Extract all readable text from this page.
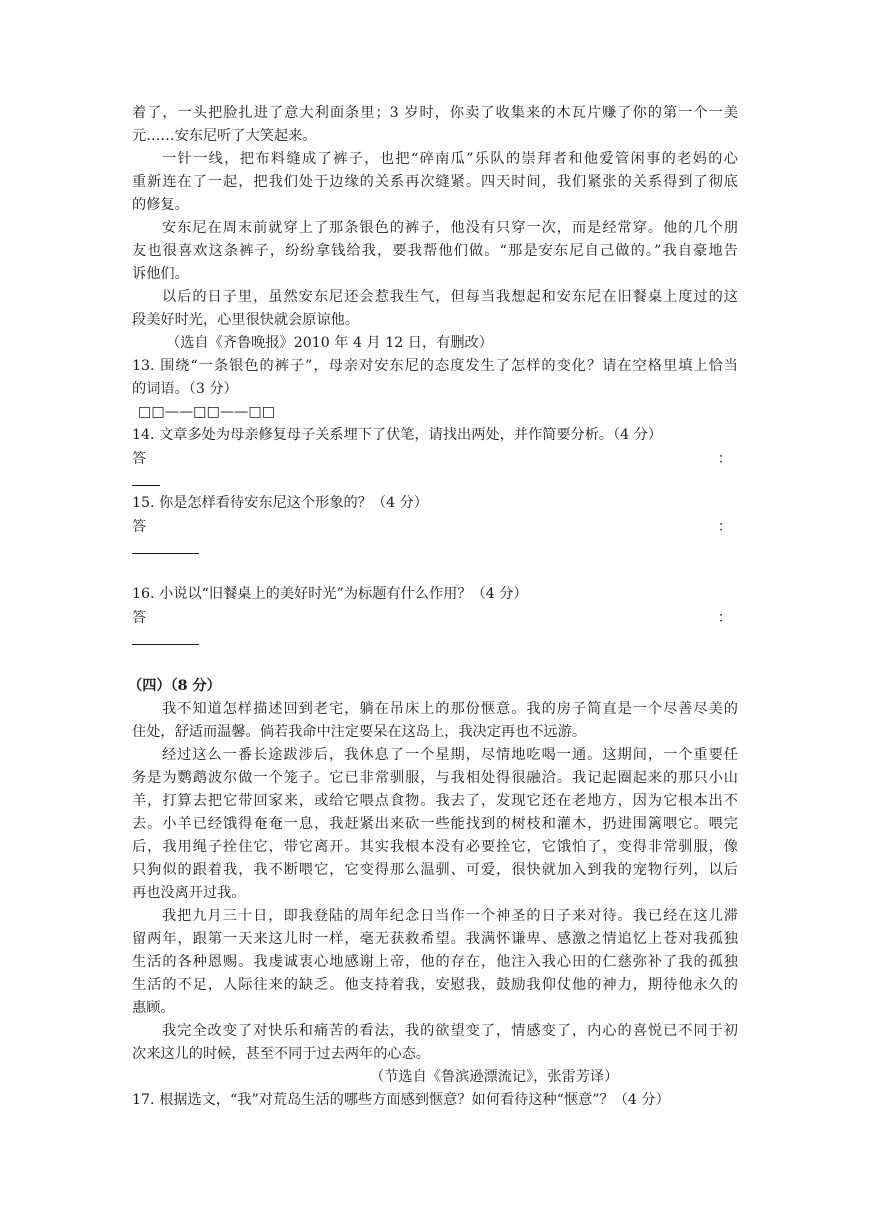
着了，一头把脸扎进了意大利面条里；3 岁时，你卖了收集来的木瓦片赚了你的第一个一美
元……安东尼听了大笑起来。
一针一线，把布料缝成了裤子，也把“碎南瓜”乐队的崇拜者和他爱管闲事的老妈的心
重新连在了一起，把我们处于边缘的关系再次缝紧。四天时间，我们紧张的关系得到了彻底
的修复。
安东尼在周末前就穿上了那条银色的裤子，他没有只穿一次，而是经常穿。他的几个朋
友也很喜欢这条裤子，纷纷拿钱给我，要我帮他们做。“那是安东尼自己做的。”我自豪地告
诉他们。
以后的日子里，虽然安东尼还会惹我生气，但每当我想起和安东尼在旧餐桌上度过的这
段美好时光，心里很快就会原谅他。
（选自《齐鲁晚报》2010 年 4 月 12 日，有删改）
13. 围绕“一条银色的裤子”，母亲对安东尼的态度发生了怎样的变化？请在空格里填上恰当
的词语。（3 分）
□□——□□——□□
14. 文章多处为母亲修复母子关系埋下了伏笔，请找出两处，并作简要分析。（4 分）
答	：
15. 你是怎样看待安东尼这个形象的？（4 分）
答	：
16. 小说以“旧餐桌上的美好时光”为标题有什么作用？（4 分）
答	：
（四）（8 分）
我不知道怎样描述回到老宅，躺在吊床上的那份惬意。我的房子简直是一个尽善尽美的
住处，舒适而温馨。倘若我命中注定要呆在这岛上，我决定再也不远游。
经过这么一番长途跋涉后，我休息了一个星期，尽情地吃喝一通。这期间，一个重要任
务是为鹦鹉波尔做一个笼子。它已非常驯服，与我相处得很融洽。我记起圈起来的那只小山
羊，打算去把它带回家来，或给它喂点食物。我去了，发现它还在老地方，因为它根本出不
去。小羊已经饿得奄奄一息，我赶紧出来砍一些能找到的树枝和灌木，扔进围篱喂它。喂完
后，我用绳子拴住它，带它离开。其实我根本没有必要拴它，它饿怕了，变得非常驯服，像
只狗似的跟着我，我不断喂它，它变得那么温驯、可爱，很快就加入到我的宠物行列，以后
再也没离开过我。
我把九月三十日，即我登陆的周年纪念日当作一个神圣的日子来对待。我已经在这儿滞
留两年，跟第一天来这儿时一样，毫无获救希望。我满怀谦卑、感激之情追忆上苍对我孤独
生活的各种恩赐。我虔诚衷心地感谢上帝，他的存在，他注入我心田的仁慈弥补了我的孤独
生活的不足，人际往来的缺乏。他支持着我，安慰我，鼓励我仰仗他的神力，期待他永久的
惠顾。
我完全改变了对快乐和痛苦的看法，我的欲望变了，情感变了，内心的喜悦已不同于初
次来这儿的时候，甚至不同于过去两年的心态。
（节选自《鲁滨逊漂流记》，张雷芳译）
17. 根据选文，“我”对荒岛生活的哪些方面感到惬意？如何看待这种“惬意”？（4 分）
